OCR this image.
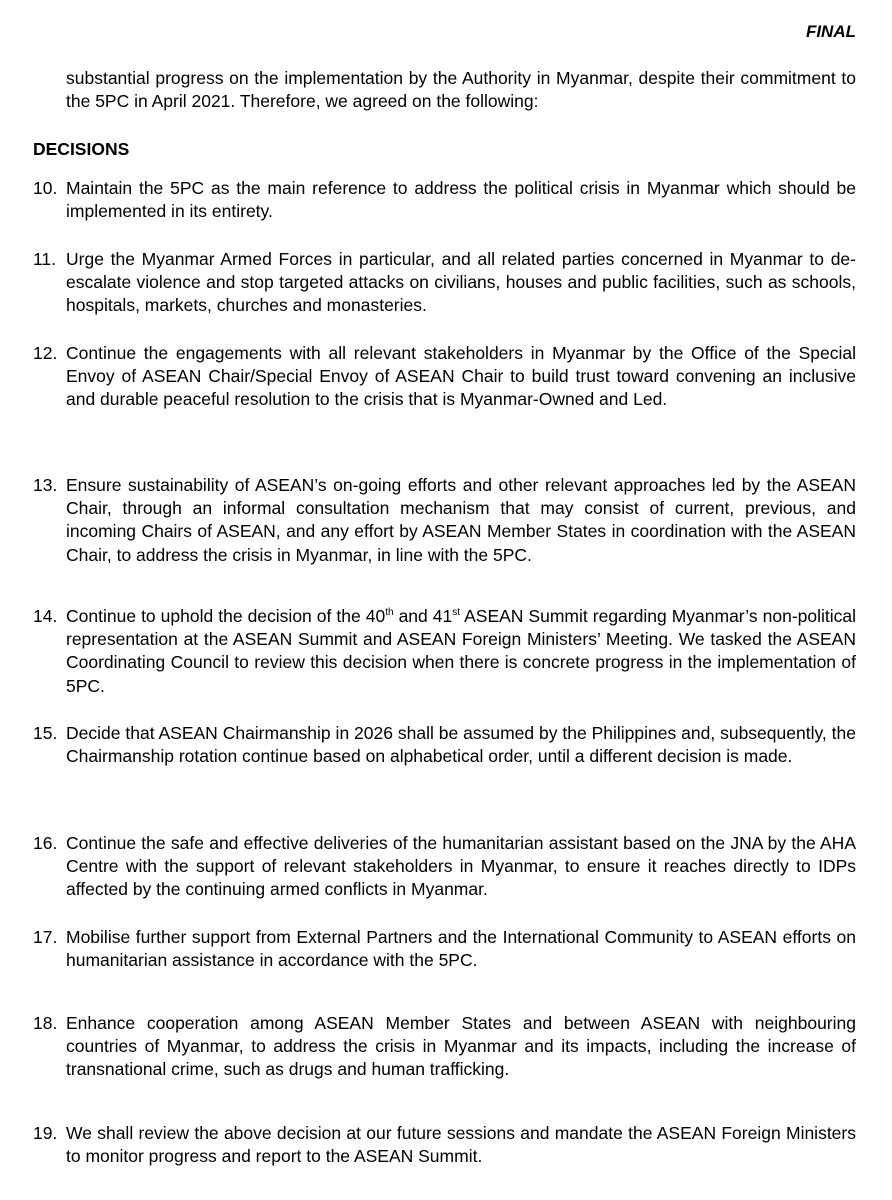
FINAL

substantial progress on the implementation by the Authority in Myanmar, despite their commitment to the 5PC in April 2021. Therefore, we agreed on the following:

DECISIONS
10. Maintain the 5PC as the main reference to address the political crisis in Myanmar which should be implemented in its entirety.
11. Urge the Myanmar Armed Forces in particular, and all related parties concerned in Myanmar to de-escalate violence and stop targeted attacks on civilians, houses and public facilities, such as schools, hospitals, markets, churches and monasteries.
12. Continue the engagements with all relevant stakeholders in Myanmar by the Office of the Special Envoy of ASEAN Chair/Special Envoy of ASEAN Chair to build trust toward convening an inclusive and durable peaceful resolution to the crisis that is Myanmar-Owned and Led.
13. Ensure sustainability of ASEAN’s on-going efforts and other relevant approaches led by the ASEAN Chair, through an informal consultation mechanism that may consist of current, previous, and incoming Chairs of ASEAN, and any effort by ASEAN Member States in coordination with the ASEAN Chair, to address the crisis in Myanmar, in line with the 5PC.
14. Continue to uphold the decision of the 40th and 41st ASEAN Summit regarding Myanmar’s non-political representation at the ASEAN Summit and ASEAN Foreign Ministers’ Meeting. We tasked the ASEAN Coordinating Council to review this decision when there is concrete progress in the implementation of 5PC.
15. Decide that ASEAN Chairmanship in 2026 shall be assumed by the Philippines and, subsequently, the Chairmanship rotation continue based on alphabetical order, until a different decision is made.
16. Continue the safe and effective deliveries of the humanitarian assistant based on the JNA by the AHA Centre with the support of relevant stakeholders in Myanmar, to ensure it reaches directly to IDPs affected by the continuing armed conflicts in Myanmar.
17. Mobilise further support from External Partners and the International Community to ASEAN efforts on humanitarian assistance in accordance with the 5PC.
18. Enhance cooperation among ASEAN Member States and between ASEAN with neighbouring countries of Myanmar, to address the crisis in Myanmar and its impacts, including the increase of transnational crime, such as drugs and human trafficking.
19. We shall review the above decision at our future sessions and mandate the ASEAN Foreign Ministers to monitor progress and report to the ASEAN Summit.
